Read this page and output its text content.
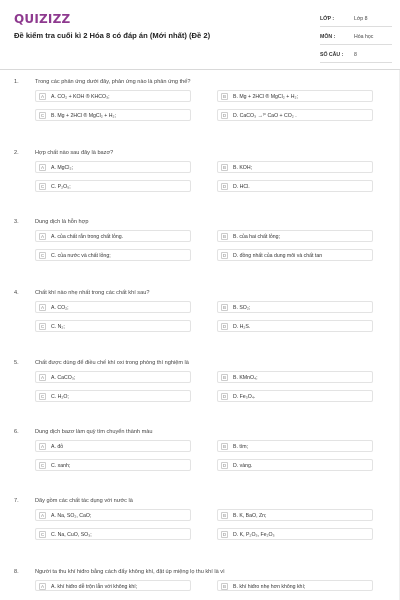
QUIZIZZ
Đề kiểm tra cuối kì 2 Hóa 8 có đáp án (Mới nhất) (Đề 2)
LỚP :	Lớp 8
MÔN :	Hóa học
SỐ CÂU :	8
1.	Trong các phản ứng dưới đây, phản ứng nào là phản ứng thế?
A	A. CO₂ + KOH ® KHCO₃;	B	B. Mg + 2HCl ® MgCl₂ + H₂;
C	B. Mg + 2HCl ® MgCl₂ + H₂;	D	D. CaCO₃ →ᵗ° CaO + CO₂ .
2.	Hợp chất nào sau đây là bazơ?
A	A. MgCl₂;	B	B. KOH;
C	C. P₂O₅;	D	D. HCl.
3.	Dung dịch là hỗn hợp
A	A. của chất rắn trong chất lỏng.	B	B. của hai chất lỏng;
C	C. của nước và chất lỏng;	D	D. đồng nhất của dung môi và chất tan
4.	Chất khí nào nhẹ nhất trong các chất khí sau?
A	A. CO₂;	B	B. SO₂;
C	C. N₂;	D	D. H₂S.
5.	Chất được dùng để điều chế khí oxi trong phòng thí nghiệm là
A	A. CaCO₃;	B	B. KMnO₄;
C	C. H₂O;	D	D. Fe₃O₄.
6.	Dung dịch bazơ làm quỳ tím chuyển thành màu
A	A. đỏ	B	B. tím;
C	C. xanh;	D	D. vàng.
7.	Dãy gồm các chất tác dụng với nước là
A	A. Na, SO₂, CaO;	B	B. K, BaO, Zn;
C	C. Na, CuO, SO₃;	D	D. K, P₂O₅, Fe₂O₃
8.	Người ta thu khí hiđro bằng cách đẩy không khí, đặt úp miệng lọ thu khí là vì
A	A. khí hiđro dễ trộn lẫn với không khí;	B	B. khí hiđro nhẹ hơn không khí;
